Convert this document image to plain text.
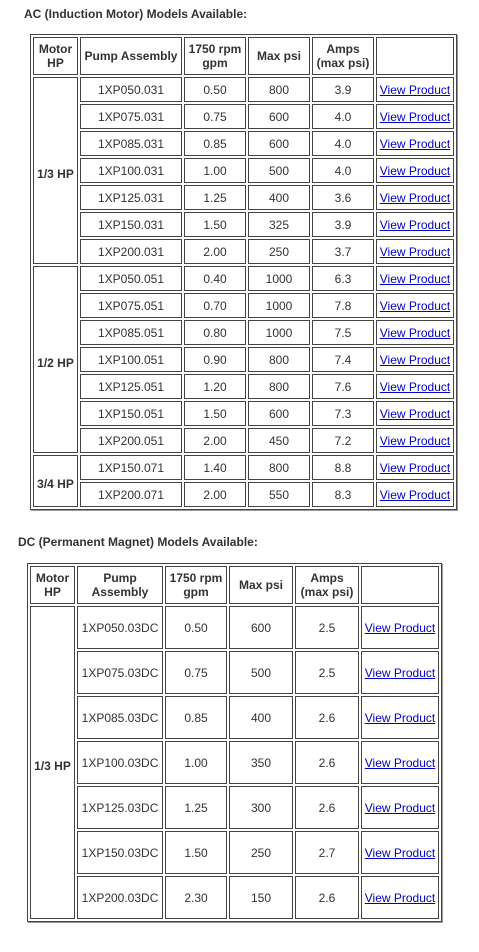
AC (Induction Motor) Models Available:
Motor HP	Pump Assembly	1750 rpm gpm	Max psi	Amps (max psi)	

1/3 HP	1XP050.031	0.50	800	3.9	View Product
	1XP075.031	0.75	600	4.0	View Product
	1XP085.031	0.85	600	4.0	View Product
	1XP100.031	1.00	500	4.0	View Product
	1XP125.031	1.25	400	3.6	View Product
	1XP150.031	1.50	325	3.9	View Product
	1XP200.031	2.00	250	3.7	View Product

1/2 HP	1XP050.051	0.40	1000	6.3	View Product
	1XP075.051	0.70	1000	7.8	View Product
	1XP085.051	0.80	1000	7.5	View Product
	1XP100.051	0.90	800	7.4	View Product
	1XP125.051	1.20	800	7.6	View Product
	1XP150.051	1.50	600	7.3	View Product
	1XP200.051	2.00	450	7.2	View Product

3/4 HP	1XP150.071	1.40	800	8.8	View Product
	1XP200.071	2.00	550	8.3	View Product
DC (Permanent Magnet) Models Available:
Motor HP	Pump Assembly	1750 rpm gpm	Max psi	Amps (max psi)	

1/3 HP	1XP050.03DC	0.50	600	2.5	View Product
	1XP075.03DC	0.75	500	2.5	View Product
	1XP085.03DC	0.85	400	2.6	View Product
	1XP100.03DC	1.00	350	2.6	View Product
	1XP125.03DC	1.25	300	2.6	View Product
	1XP150.03DC	1.50	250	2.7	View Product
	1XP200.03DC	2.30	150	2.6	View Product
